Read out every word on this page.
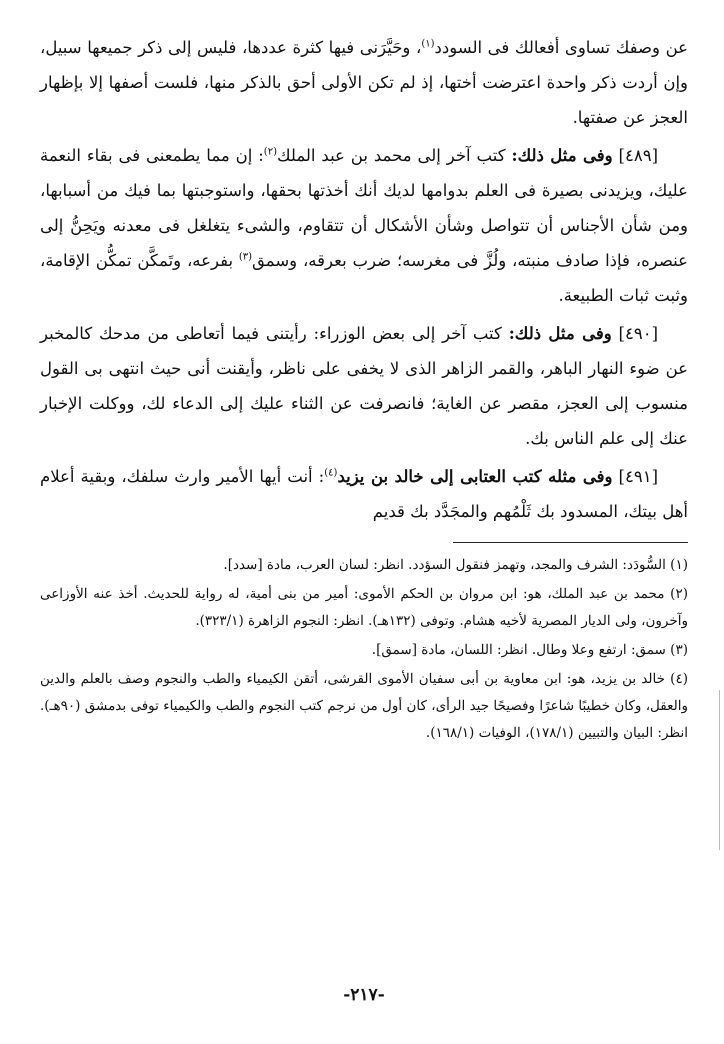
عن وصفك تساوى أفعالك فى السودد$^{(١)}$، وحَيَّرَنى فيها كثرة عددها، فليس إلى ذكر جميعها سبيل، وإن أردت ذكر واحدة اعترضت أختها، إذ لم تكن الأولى أحق بالذكر منها، فلست أصفها إلا بإظهار العجز عن صفتها.

[٤٨٩] وفى مثل ذلك: كتب آخر إلى محمد بن عبد الملك$^{(٢)}$: إن مما يطمعنى فى بقاء النعمة عليك، ويزيدنى بصيرة فى العلم بدوامها لديك أنك أخذتها بحقها، واستوجبتها بما فيك من أسبابها، ومن شأن الأجناس أن تتواصل وشأن الأشكال أن تتقاوم، والشىء يتغلغل فى معدنه ويَحِنُّ إلى عنصره، فإذا صادف منبته، ولُزَّ فى مغرسه؛ ضرب بعرقه، وسمق$^{(٣)}$ بفرعه، وتَمكَّن تمكُّن الإقامة، وثبت ثبات الطبيعة.

[٤٩٠] وفى مثل ذلك: كتب آخر إلى بعض الوزراء: رأيتنى فيما أتعاطى من مدحك كالمخبر عن ضوء النهار الباهر، والقمر الزاهر الذى لا يخفى على ناظر، وأيقنت أنى حيث انتهى بى القول منسوب إلى العجز، مقصر عن الغاية؛ فانصرفت عن الثناء عليك إلى الدعاء لك، ووكلت الإخبار عنك إلى علم الناس بك.

[٤٩١] وفى مثله كتب العتابى إلى خالد بن يزيد$^{(٤)}$: أنت أيها الأمير وارث سلفك، وبقية أعلام أهل بيتك، المسدود بك ثَلْمُهم والمجَدَّد بك قديم

(١) السُّودَد: الشرف والمجد، وتهمز فنقول السؤدد. انظر: لسان العرب، مادة [سدد].

(٢) محمد بن عبد الملك، هو: ابن مروان بن الحكم الأموى: أمير من بنى أمية، له رواية للحديث. أخذ عنه الأوزاعى وآخرون، ولى الديار المصرية لأخيه هشام. وتوفى (١٣٢هـ). انظر: النجوم الزاهرة (٣٢٣/١).

(٣) سمق: ارتفع وعلا وطال. انظر: اللسان، مادة [سمق].

(٤) خالد بن يزيد، هو: ابن معاوية بن أبى سفيان الأموى القرشى، أتقن الكيمياء والطب والنجوم وصف بالعلم والدين والعقل، وكان خطيبًا شاعرًا وفصيحًا جيد الرأى، كان أول من نرجم كتب النجوم والطب والكيمياء توفى بدمشق (٩٠هـ). انظر: البيان والتبيين (١٧٨/١)، الوفيات (١٦٨/١).

-٢١٧-
